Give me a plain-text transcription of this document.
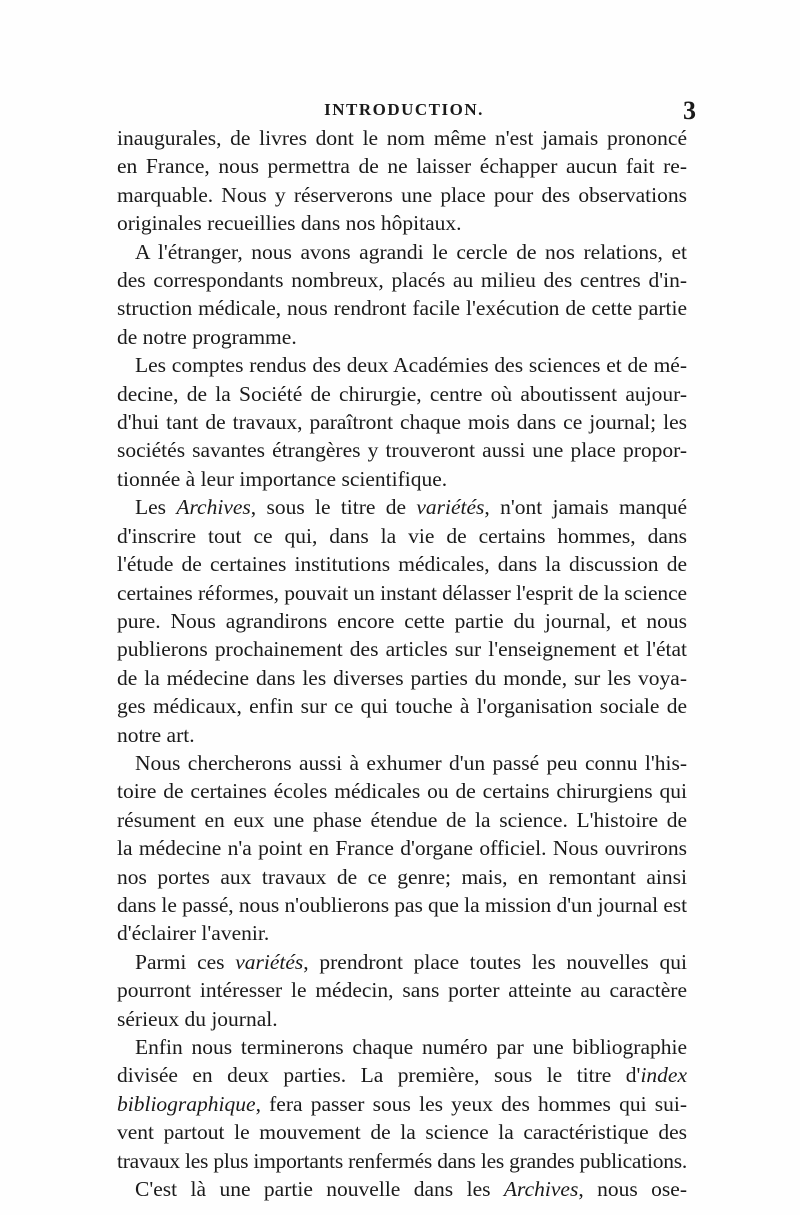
INTRODUCTION.	3
inaugurales, de livres dont le nom même n'est jamais prononcé
en France, nous permettra de ne laisser échapper aucun fait re-
marquable. Nous y réserverons une place pour des observations
originales recueillies dans nos hôpitaux.
A l'étranger, nous avons agrandi le cercle de nos relations, et
des correspondants nombreux, placés au milieu des centres d'in-
struction médicale, nous rendront facile l'exécution de cette partie
de notre programme.
Les comptes rendus des deux Académies des sciences et de mé-
decine, de la Société de chirurgie, centre où aboutissent aujour-
d'hui tant de travaux, paraîtront chaque mois dans ce journal; les
sociétés savantes étrangères y trouveront aussi une place propor-
tionnée à leur importance scientifique.
Les Archives, sous le titre de variétés, n'ont jamais manqué
d'inscrire tout ce qui, dans la vie de certains hommes, dans
l'étude de certaines institutions médicales, dans la discussion de
certaines réformes, pouvait un instant délasser l'esprit de la science
pure. Nous agrandirons encore cette partie du journal, et nous
publierons prochainement des articles sur l'enseignement et l'état
de la médecine dans les diverses parties du monde, sur les voya-
ges médicaux, enfin sur ce qui touche à l'organisation sociale de
notre art.
Nous chercherons aussi à exhumer d'un passé peu connu l'his-
toire de certaines écoles médicales ou de certains chirurgiens qui
résument en eux une phase étendue de la science. L'histoire de
la médecine n'a point en France d'organe officiel. Nous ouvrirons
nos portes aux travaux de ce genre; mais, en remontant ainsi
dans le passé, nous n'oublierons pas que la mission d'un journal est
d'éclairer l'avenir.
Parmi ces variétés, prendront place toutes les nouvelles qui
pourront intéresser le médecin, sans porter atteinte au caractère
sérieux du journal.
Enfin nous terminerons chaque numéro par une bibliographie
divisée en deux parties. La première, sous le titre d'index
bibliographique, fera passer sous les yeux des hommes qui sui-
vent partout le mouvement de la science la caractéristique des
travaux les plus importants renfermés dans les grandes publications.
C'est là une partie nouvelle dans les Archives, nous ose-
